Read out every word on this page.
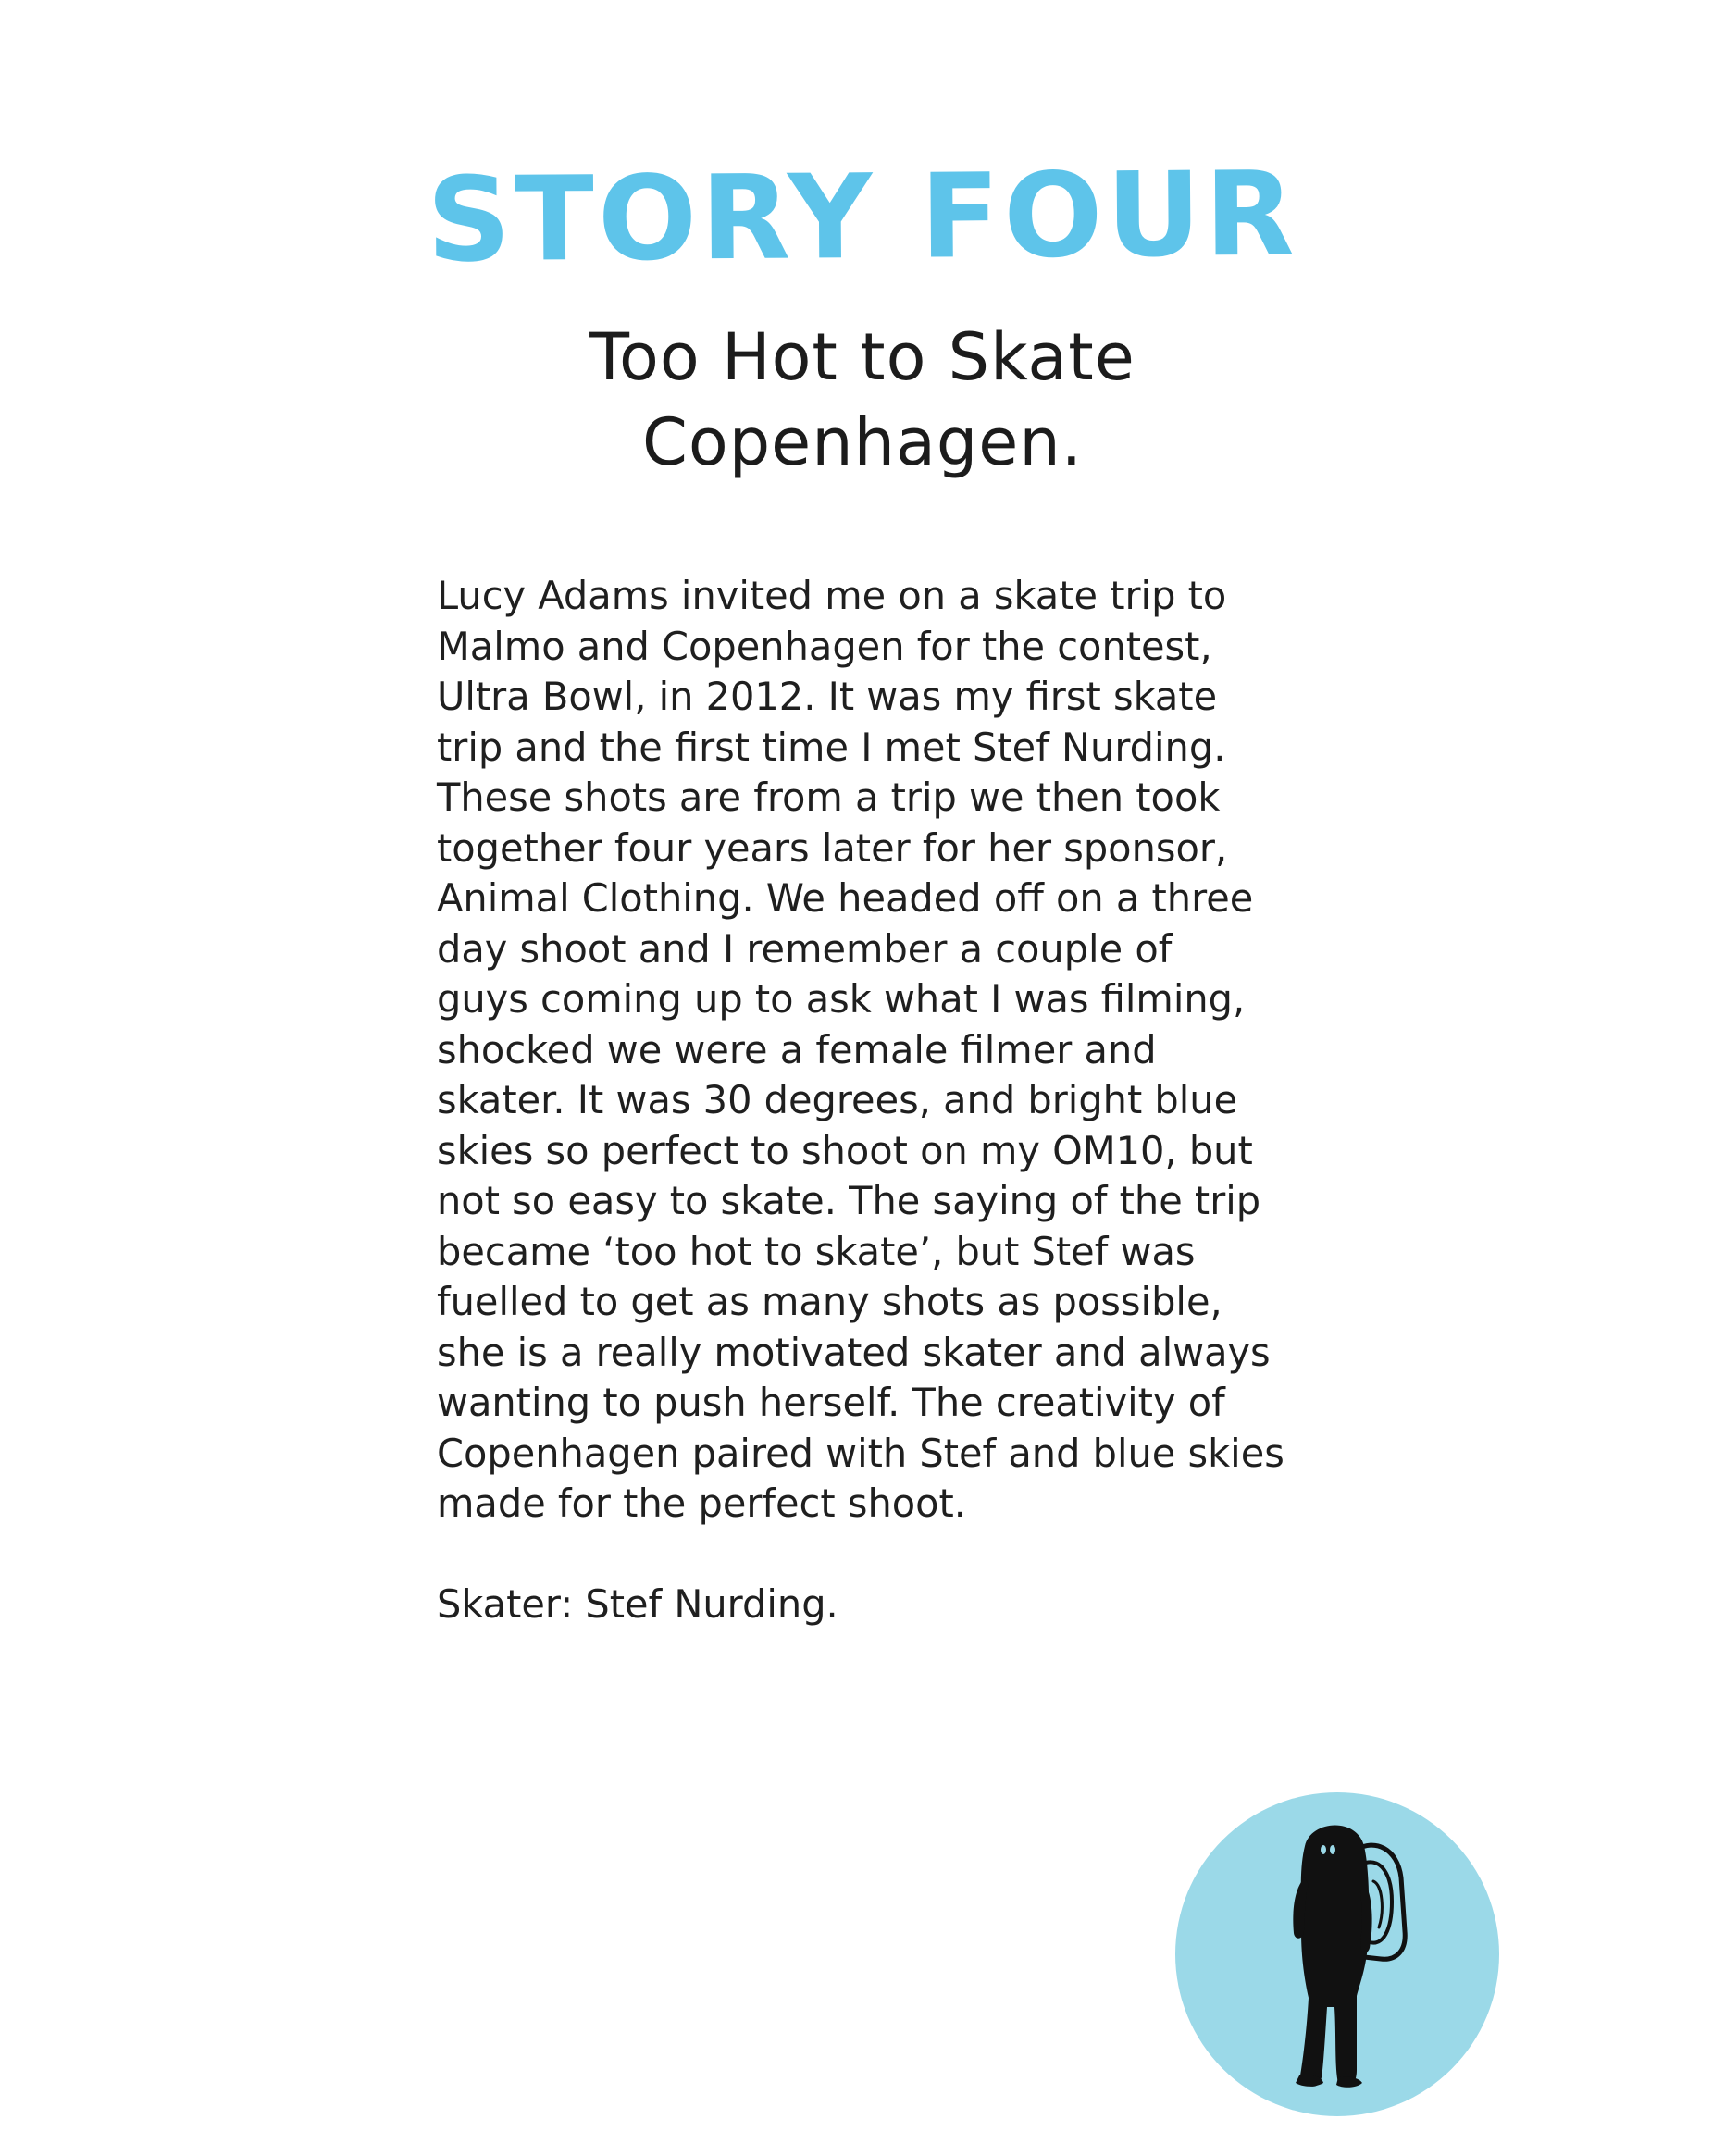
STORY FOUR
Too Hot to Skate
Copenhagen.
Lucy Adams invited me on a skate trip to
Malmo and Copenhagen for the contest,
Ultra Bowl, in 2012. It was my first skate
trip and the first time I met Stef Nurding.
These shots are from a trip we then took
together four years later for her sponsor,
Animal Clothing. We headed off on a three
day shoot and I remember a couple of
guys coming up to ask what I was filming,
shocked we were a female filmer and
skater. It was 30 degrees, and bright blue
skies so perfect to shoot on my OM10, but
not so easy to skate. The saying of the trip
became ‘too hot to skate’, but Stef was
fuelled to get as many shots as possible,
she is a really motivated skater and always
wanting to push herself. The creativity of
Copenhagen paired with Stef and blue skies
made for the perfect shoot.
Skater: Stef Nurding.
